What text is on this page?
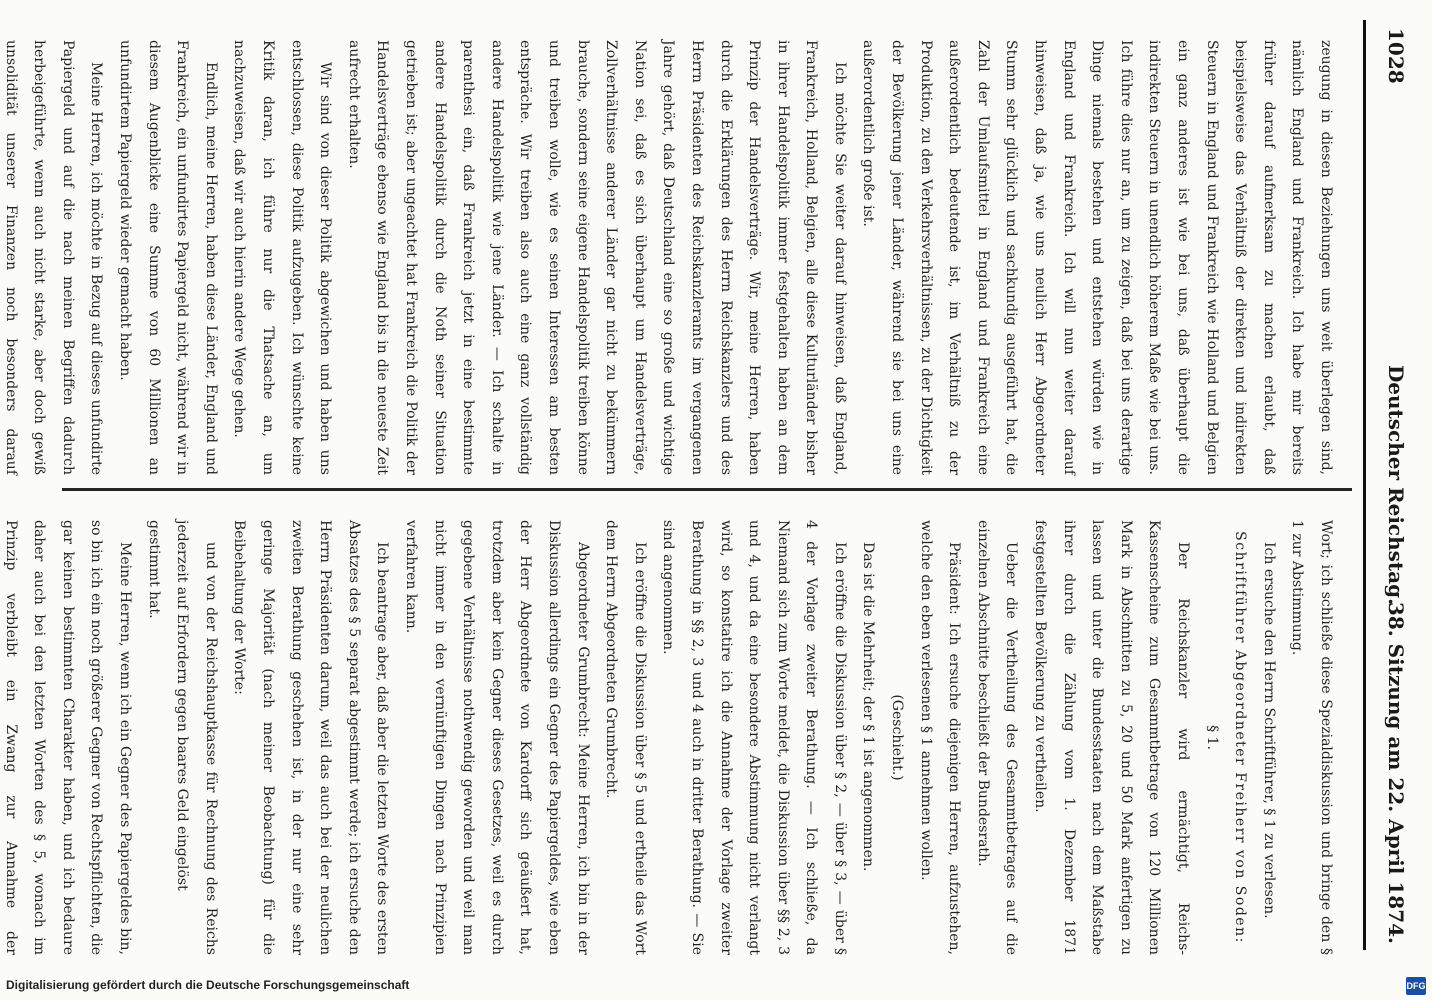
1028
Deutscher Reichstag.
38. Sitzung am 22. April 1874.

zeugung in diesen Beziehungen uns weit überlegen sind, nämlich England und Frankreich. Ich habe mir bereits früher darauf aufmerksam zu machen erlaubt, daß beispielsweise das Verhältniß der direkten und indirekten Steuern in England und Frankreich wie Holland und Belgien ein ganz anderes ist wie bei uns, daß überhaupt die indirekten Steuern in unendlich höherem Maße wie bei uns. Ich führe dies nur an, um zu zeigen, daß bei uns derartige Dinge niemals bestehen und entstehen würden wie in England und Frankreich. Ich will nun weiter darauf hinweisen, daß ja, wie uns neulich Herr Abgeordneter Stumm sehr glücklich und sachkundig ausgeführt hat, die Zahl der Umlaufsmittel in England und Frankreich eine außerordentlich bedeutende ist, im Verhältniß zu der Produktion, zu den Verkehrsverhältnissen, zu der Dichtigkeit der Bevölkerung jener Länder, während sie bei uns eine außerordentlich große ist.

Ich möchte Sie weiter darauf hinweisen, daß England, Frankreich, Holland, Belgien, alle diese Kulturländer bisher in ihrer Handelspolitik immer festgehalten haben an dem Prinzip der Handelsverträge. Wir, meine Herren, haben durch die Erklärungen des Herrn Reichskanzlers und des Herrn Präsidenten des Reichskanzleramts im vergangenen Jahre gehört, daß Deutschland eine so große und wichtige Nation sei, daß es sich überhaupt um Handelsverträge, Zollverhältnisse anderer Länder gar nicht zu bekümmern brauche, sondern seine eigene Handelspolitik treiben könne und treiben wolle, wie es seinen Interessen am besten entspräche. Wir treiben also auch eine ganz vollständig andere Handelspolitik wie jene Länder. — Ich schalte in parenthesi ein, daß Frankreich jetzt in eine bestimmte andere Handelspolitik durch die Noth seiner Situation getrieben ist; aber ungeachtet hat Frankreich die Politik der Handelsverträge ebenso wie England bis in die neueste Zeit aufrecht erhalten.

Wir sind von dieser Politik abgewichen und haben uns entschlossen, diese Politik aufzugeben. Ich wünschte keine Kritik daran, ich führe nur die Thatsache an, um nachzuweisen, daß wir auch hierin andere Wege gehen.

Endlich, meine Herren, haben diese Länder, England und Frankreich, ein unfundirtes Papiergeld nicht, während wir in diesem Augenblicke eine Summe von 60 Millionen an unfundirtem Papiergeld wieder gemacht haben.

Meine Herren, ich möchte in Bezug auf dieses unfundirte Papiergeld und auf die nach meinen Begriffen dadurch herbeigeführte, wenn auch nicht starke, aber doch gewiß unsolidität unserer Finanzen noch besonders darauf

Wort; ich schließe diese Spezialdiskussion und bringe den § 1 zur Abstimmung.

Ich ersuche den Herrn Schriftführer, § 1 zu verlesen.

Schriftführer Abgeordneter Freiherr von Soden:

§ 1.

Der Reichskanzler wird ermächtigt, Reichs-Kassenscheine zum Gesammtbetrage von 120 Millionen Mark in Abschnitten zu 5, 20 und 50 Mark anfertigen zu lassen und unter die Bundesstaaten nach dem Maßstabe ihrer durch die Zählung vom 1. Dezember 1871 festgestellten Bevölkerung zu vertheilen.

Ueber die Vertheilung des Gesammtbetrages auf die einzelnen Abschnitte beschließt der Bundesrath.

Präsident: Ich ersuche diejenigen Herren, aufzustehen, welche den eben verlesenen § 1 annehmen wollen.

(Geschieht.)

Das ist die Mehrheit; der § 1 ist angenommen.

Ich eröffne die Diskussion über § 2, — über § 3, — über § 4 der Vorlage zweiter Berathung. — Ich schließe, da Niemand sich zum Worte meldet, die Diskussion über §§ 2, 3 und 4, und da eine besondere Abstimmung nicht verlangt wird, so konstatire ich die Annahme der Vorlage zweiter Berathung in §§ 2, 3 und 4 auch in dritter Berathung. — Sie sind angenommen.

Ich eröffne die Diskussion über § 5 und ertheile das Wort dem Herrn Abgeordneten Grumbrecht.

Abgeordneter Grumbrecht: Meine Herren, ich bin in der Diskussion allerdings ein Gegner des Papiergeldes, wie eben der Herr Abgeordnete von Kardorff sich geäußert hat, trotzdem aber kein Gegner dieses Gesetzes, weil es durch gegebene Verhältnisse nothwendig geworden und weil man nicht immer in den vernünftigen Dingen nach Prinzipien verfahren kann.

Ich beantrage aber, daß aber die letzten Worte des ersten Absatzes des § 5 separat abgestimmt werde; ich ersuche den Herrn Präsidenten darum, weil das auch bei der neulichen zweiten Berathung geschehen ist, in der nur eine sehr geringe Majorität (nach meiner Beobachtung) für die Beibehaltung der Worte:

und von der Reichshauptkasse für Rechnung des Reichs jederzeit auf Erfordern gegen baares Geld eingelöst

gestimmt hat.

Meine Herren, wenn ich ein Gegner des Papiergeldes bin, so bin ich ein noch größerer Gegner von Rechtspflichten, die gar keinen bestimmten Charakter haben, und ich bedaure daher auch bei den letzten Worten des § 5, wonach im Prinzip verbleibt ein Zwang zur Annahme der

Digitalisierung gefördert durch die Deutsche Forschungsgemeinschaft	DFG
